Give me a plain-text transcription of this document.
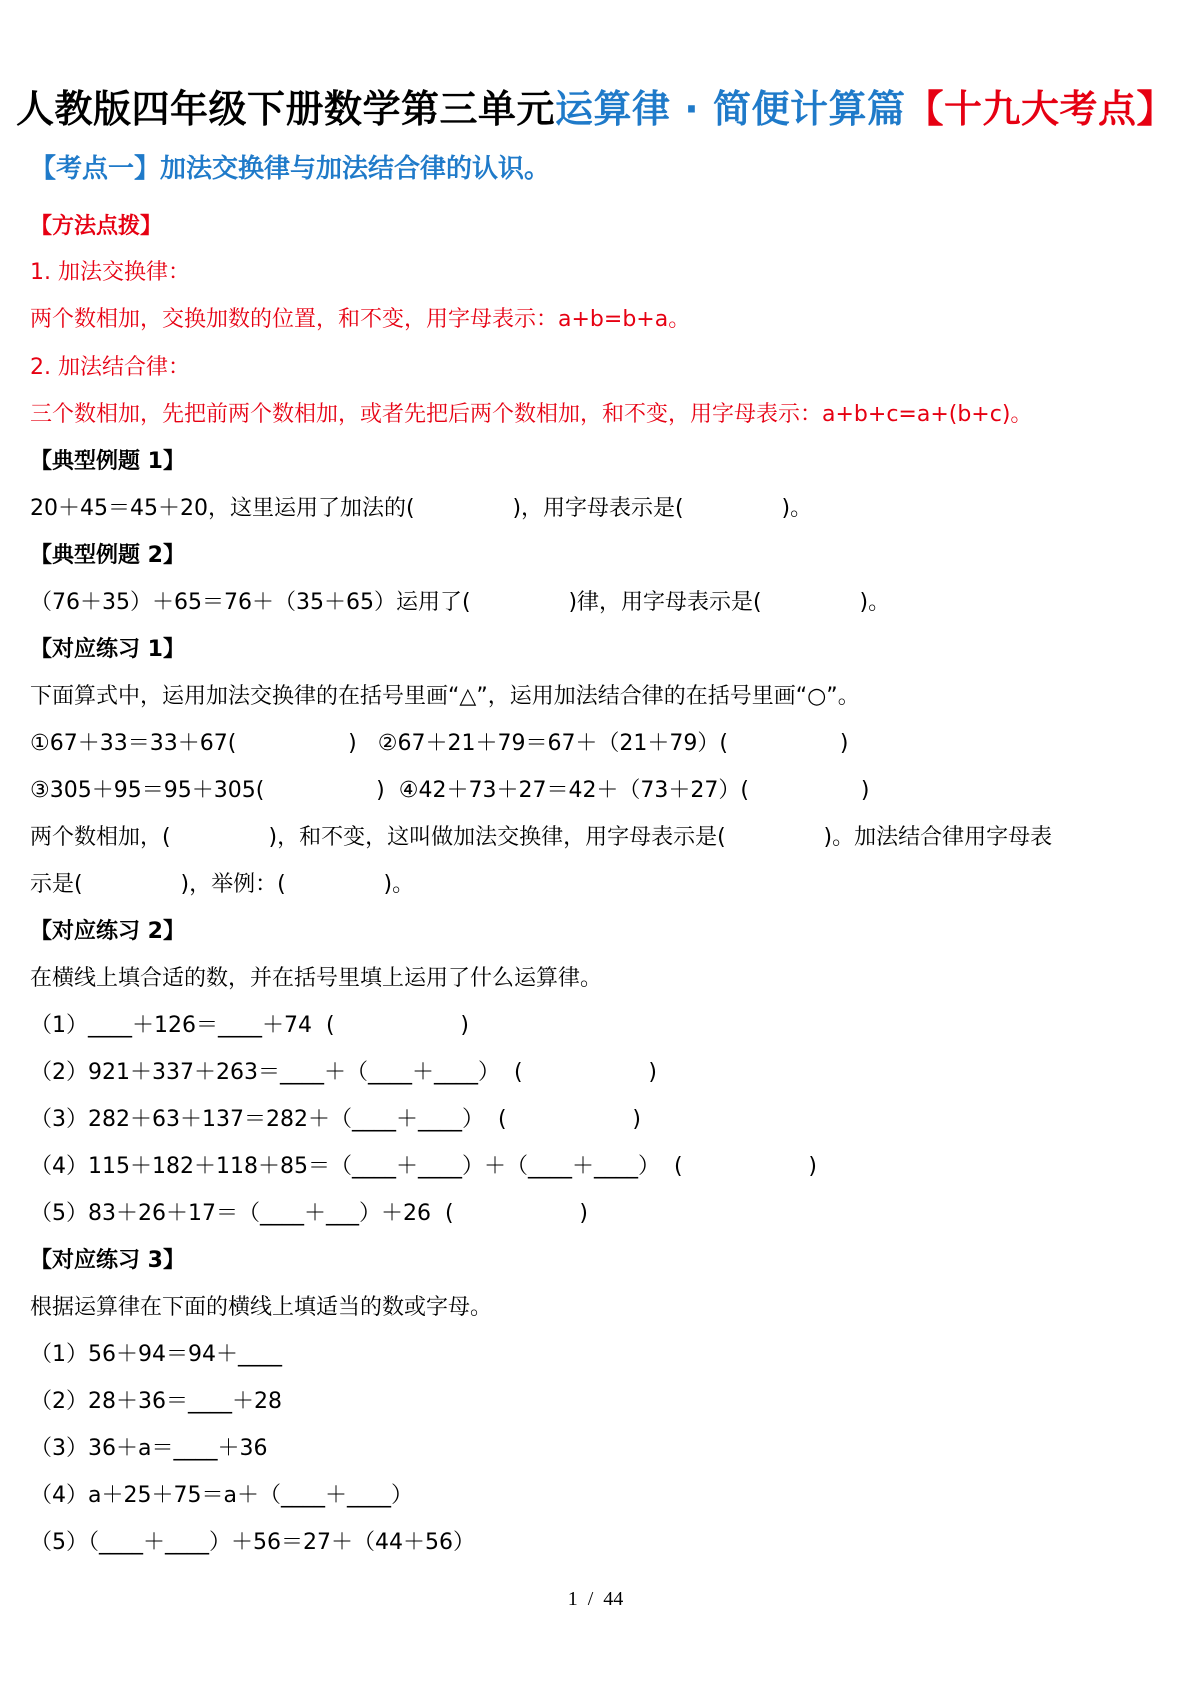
人教版四年级下册数学第三单元运算律 · 简便计算篇【十九大考点】
【考点一】加法交换律与加法结合律的认识。
【方法点拨】
1. 加法交换律：
两个数相加，交换加数的位置，和不变，用字母表示：a+b=b+a。
2. 加法结合律：
三个数相加，先把前两个数相加，或者先把后两个数相加，和不变，用字母表示：a+b+c=a+(b+c)。
【典型例题 1】
20＋45＝45＋20，这里运用了加法的(              )，用字母表示是(              )。
【典型例题 2】
（76＋35）＋65＝76＋（35＋65）运用了(              )律，用字母表示是(              )。
【对应练习 1】
下面算式中，运用加法交换律的在括号里画“△”，运用加法结合律的在括号里画“○”。
①67＋33＝33＋67(                )   ②67＋21＋79＝67＋（21＋79）(                )
③305＋95＝95＋305(                )  ④42＋73＋27＝42＋（73＋27）(                )
两个数相加，(              )，和不变，这叫做加法交换律，用字母表示是(              )。加法结合律用字母表
示是(              )，举例：(              )。
【对应练习 2】
在横线上填合适的数，并在括号里填上运用了什么运算律。
（1）____＋126＝____＋74  (                  )
（2）921＋337＋263＝____＋（____＋____）  (                  )
（3）282＋63＋137＝282＋（____＋____）  (                  )
（4）115＋182＋118＋85＝（____＋____）＋（____＋____）  (                  )
（5）83＋26＋17＝（____＋___）＋26  (                  )
【对应练习 3】
根据运算律在下面的横线上填适当的数或字母。
（1）56＋94＝94＋____
（2）28＋36＝____＋28
（3）36＋a＝____＋36
（4）a＋25＋75＝a＋（____＋____）
（5）（____＋____）＋56＝27＋（44＋56）
1  /  44
